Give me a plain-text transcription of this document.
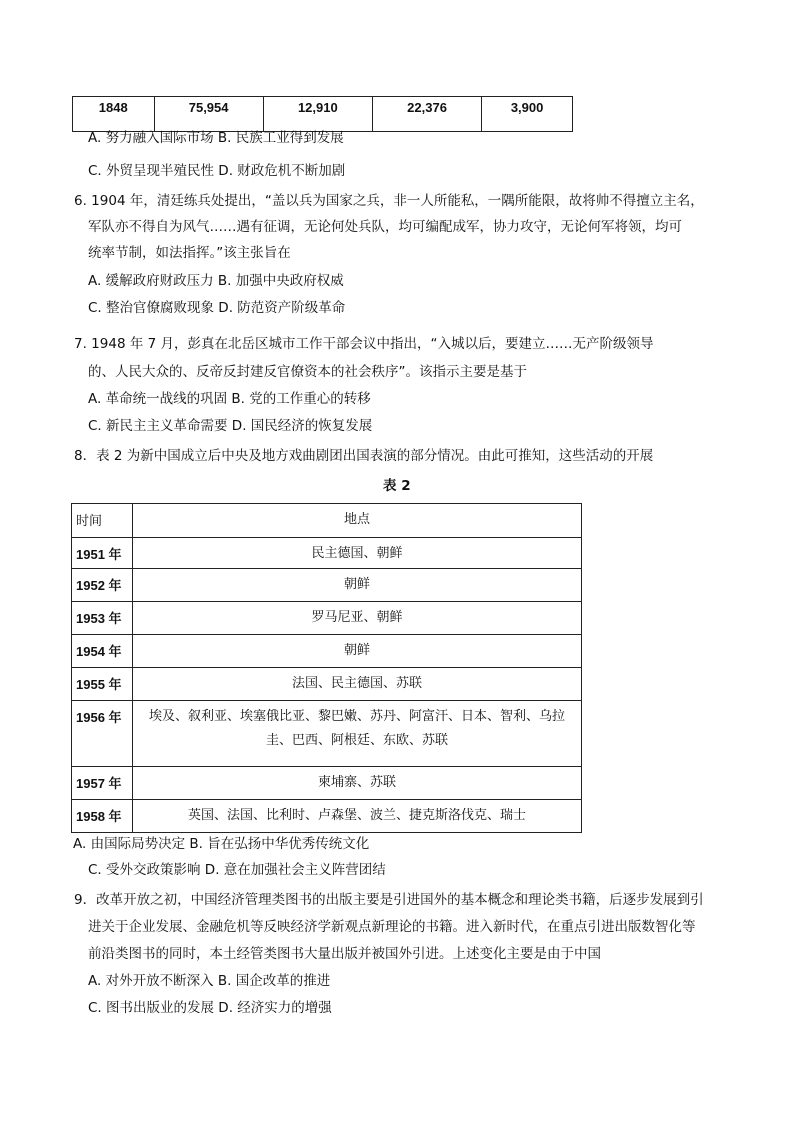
1848	75,954	12,910	22,376	3,900
A. 努力融入国际市场 B. 民族工业得到发展
C. 外贸呈现半殖民性 D. 财政危机不断加剧
6. 1904 年，清廷练兵处提出，“盖以兵为国家之兵，非一人所能私，一隅所能限，故将帅不得擅立主名，
军队亦不得自为风气……遇有征调，无论何处兵队，均可编配成军，协力攻守，无论何军将领，均可
统率节制，如法指挥。”该主张旨在
A. 缓解政府财政压力 B. 加强中央政府权威
C. 整治官僚腐败现象 D. 防范资产阶级革命
7. 1948 年 7 月，彭真在北岳区城市工作干部会议中指出，“入城以后，要建立……无产阶级领导
的、人民大众的、反帝反封建反官僚资本的社会秩序”。该指示主要是基于
A. 革命统一战线的巩固 B. 党的工作重心的转移
C. 新民主主义革命需要 D. 国民经济的恢复发展
8．表 2 为新中国成立后中央及地方戏曲剧团出国表演的部分情况。由此可推知，这些活动的开展
表 2
时间	地点
1951 年	民主德国、朝鲜
1952 年	朝鲜
1953 年	罗马尼亚、朝鲜
1954 年	朝鲜
1955 年	法国、民主德国、苏联
1956 年	埃及、叙利亚、埃塞俄比亚、黎巴嫩、苏丹、阿富汗、日本、智利、乌拉
圭、巴西、阿根廷、东欧、苏联

1957 年	柬埔寨、苏联
1958 年	英国、法国、比利时、卢森堡、波兰、捷克斯洛伐克、瑞士
A. 由国际局势决定 B. 旨在弘扬中华优秀传统文化
C. 受外交政策影响 D. 意在加强社会主义阵营团结
9．改革开放之初，中国经济管理类图书的出版主要是引进国外的基本概念和理论类书籍，后逐步发展到引
进关于企业发展、金融危机等反映经济学新观点新理论的书籍。进入新时代，在重点引进出版数智化等
前沿类图书的同时，本土经管类图书大量出版并被国外引进。上述变化主要是由于中国
A. 对外开放不断深入 B. 国企改革的推进
C. 图书出版业的发展 D. 经济实力的增强
